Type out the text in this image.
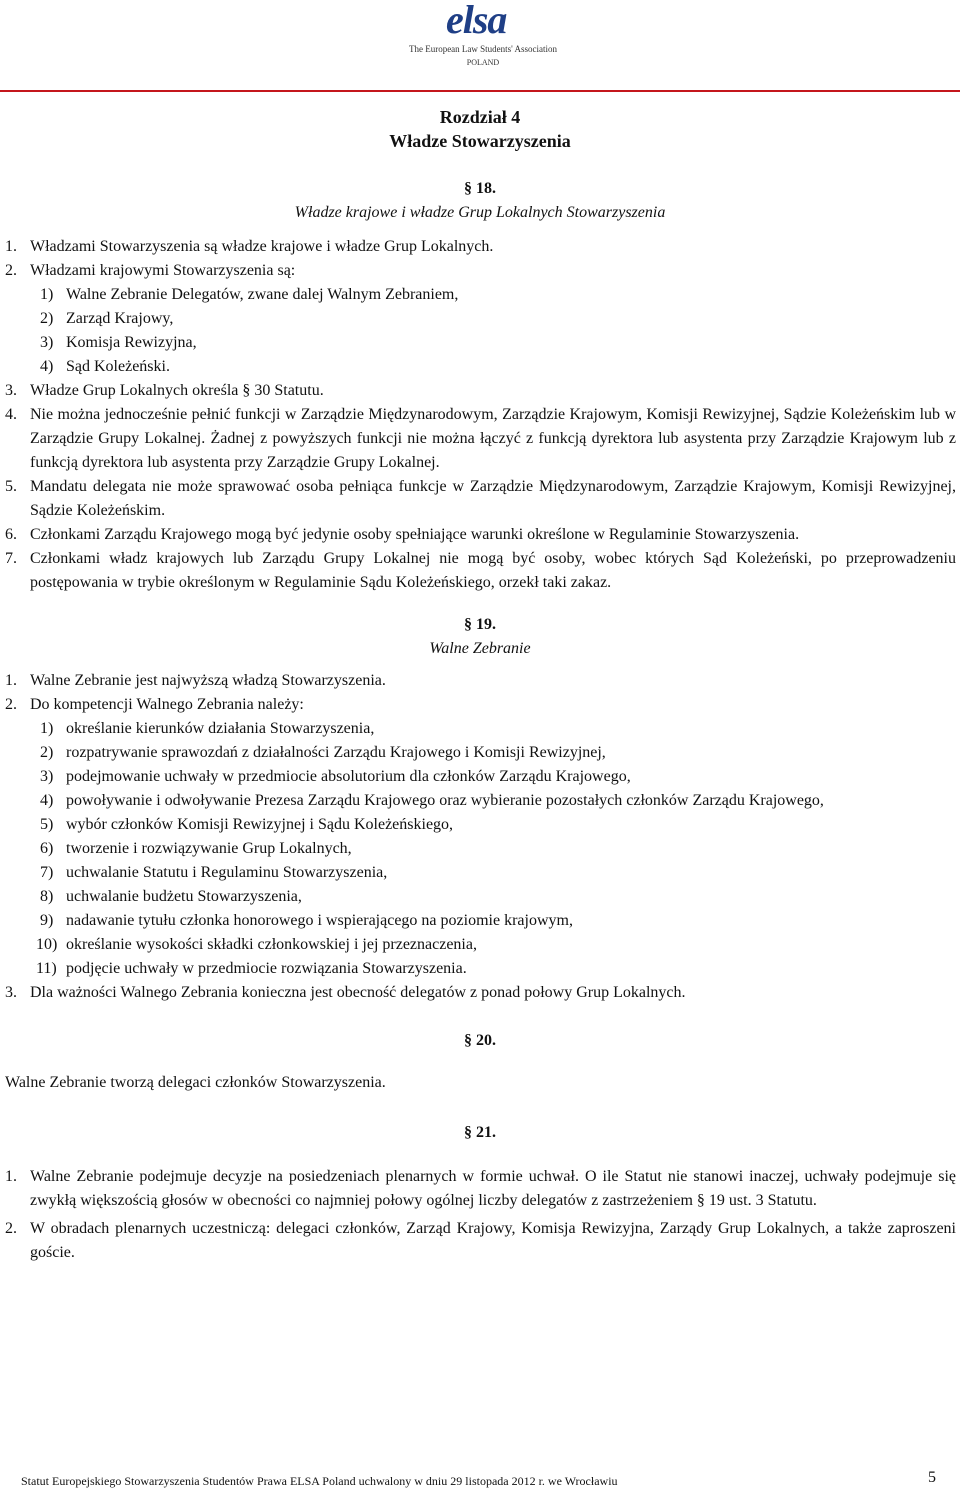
elsa
The European Law Students' Association
POLAND
Rozdział 4
Władze Stowarzyszenia
§ 18.
Władze krajowe i władze Grup Lokalnych Stowarzyszenia
1. Władzami Stowarzyszenia są władze krajowe i władze Grup Lokalnych.
2. Władzami krajowymi Stowarzyszenia są:
1) Walne Zebranie Delegatów, zwane dalej Walnym Zebraniem,
2) Zarząd Krajowy,
3) Komisja Rewizyjna,
4) Sąd Koleżeński.
3. Władze Grup Lokalnych określa § 30 Statutu.
4. Nie można jednocześnie pełnić funkcji w Zarządzie Międzynarodowym, Zarządzie Krajowym, Komisji Rewizyjnej, Sądzie Koleżeńskim lub w Zarządzie Grupy Lokalnej. Żadnej z powyższych funkcji nie można łączyć z funkcją dyrektora lub asystenta przy Zarządzie Krajowym lub z funkcją dyrektora lub asystenta przy Zarządzie Grupy Lokalnej.
5. Mandatu delegata nie może sprawować osoba pełniąca funkcje w Zarządzie Międzynarodowym, Zarządzie Krajowym, Komisji Rewizyjnej, Sądzie Koleżeńskim.
6. Członkami Zarządu Krajowego mogą być jedynie osoby spełniające warunki określone w Regulaminie Stowarzyszenia.
7. Członkami władz krajowych lub Zarządu Grupy Lokalnej nie mogą być osoby, wobec których Sąd Koleżeński, po przeprowadzeniu postępowania w trybie określonym w Regulaminie Sądu Koleżeńskiego, orzekł taki zakaz.
§ 19.
Walne Zebranie
1. Walne Zebranie jest najwyższą władzą Stowarzyszenia.
2. Do kompetencji Walnego Zebrania należy:
1) określanie kierunków działania Stowarzyszenia,
2) rozpatrywanie sprawozdań z działalności Zarządu Krajowego i Komisji Rewizyjnej,
3) podejmowanie uchwały w przedmiocie absolutorium dla członków Zarządu Krajowego,
4) powoływanie i odwoływanie Prezesa Zarządu Krajowego oraz wybieranie pozostałych członków Zarządu Krajowego,
5) wybór członków Komisji Rewizyjnej i Sądu Koleżeńskiego,
6) tworzenie i rozwiązywanie Grup Lokalnych,
7) uchwalanie Statutu i Regulaminu Stowarzyszenia,
8) uchwalanie budżetu Stowarzyszenia,
9) nadawanie tytułu członka honorowego i wspierającego na poziomie krajowym,
10) określanie wysokości składki członkowskiej i jej przeznaczenia,
11) podjęcie uchwały w przedmiocie rozwiązania Stowarzyszenia.
3. Dla ważności Walnego Zebrania konieczna jest obecność delegatów z ponad połowy Grup Lokalnych.
§ 20.
Walne Zebranie tworzą delegaci członków Stowarzyszenia.
§ 21.
1. Walne Zebranie podejmuje decyzje na posiedzeniach plenarnych w formie uchwał. O ile Statut nie stanowi inaczej, uchwały podejmuje się zwykłą większością głosów w obecności co najmniej połowy ogólnej liczby delegatów z zastrzeżeniem § 19 ust. 3 Statutu.
2. W obradach plenarnych uczestniczą: delegaci członków, Zarząd Krajowy, Komisja Rewizyjna, Zarządy Grup Lokalnych, a także zaproszeni goście.
Statut Europejskiego Stowarzyszenia Studentów Prawa ELSA Poland uchwalony w dniu 29 listopada 2012 r. we Wrocławiu	5
